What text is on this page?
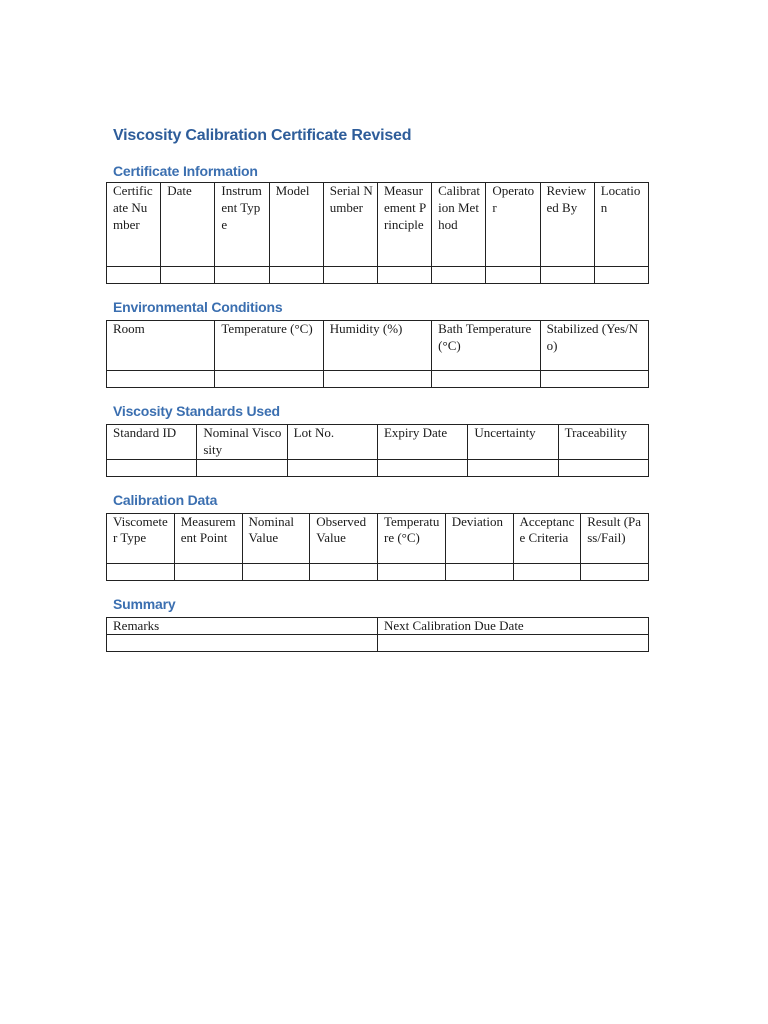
Viscosity Calibration Certificate Revised
Certificate Information
Certificate Number	Date	Instrument Type	Model	Serial Number	Measurement Principle	Calibration Method	Operator	Reviewed By	Location

Environmental Conditions
Room	Temperature (°C)	Humidity (%)	Bath Temperature (°C)	Stabilized (Yes/No)

Viscosity Standards Used
Standard ID	Nominal Viscosity	Lot No.	Expiry Date	Uncertainty	Traceability

Calibration Data
Viscometer Type	Measurement Point	Nominal Value	Observed Value	Temperature (°C)	Deviation	Acceptance Criteria	Result (Pass/Fail)

Summary
Remarks	Next Calibration Due Date
